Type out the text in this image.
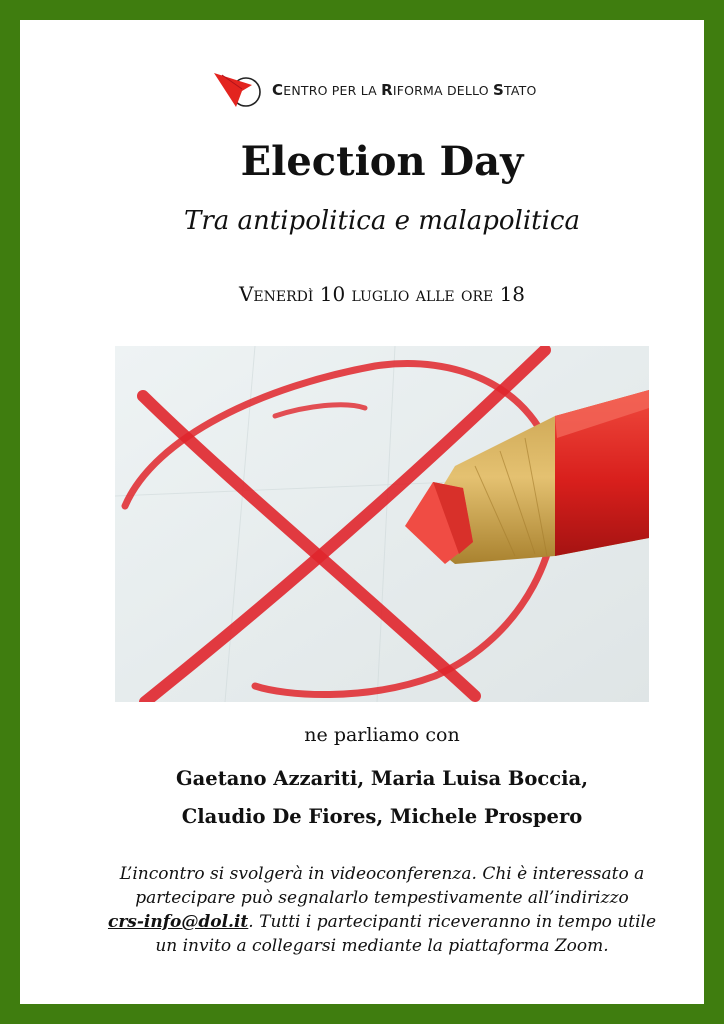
CENTRO PER LA RIFORMA DELLO STATO
Election Day
Tra antipolitica e malapolitica
Venerdì 10 luglio alle ore 18
ne parliamo con
Gaetano Azzariti, Maria Luisa Boccia,
Claudio De Fiores, Michele Prospero
L’incontro si svolgerà in videoconferenza. Chi è interessato a
partecipare può segnalarlo tempestivamente all’indirizzo
crs-info@dol.it. Tutti i partecipanti riceveranno in tempo utile
un invito a collegarsi mediante la piattaforma Zoom.
